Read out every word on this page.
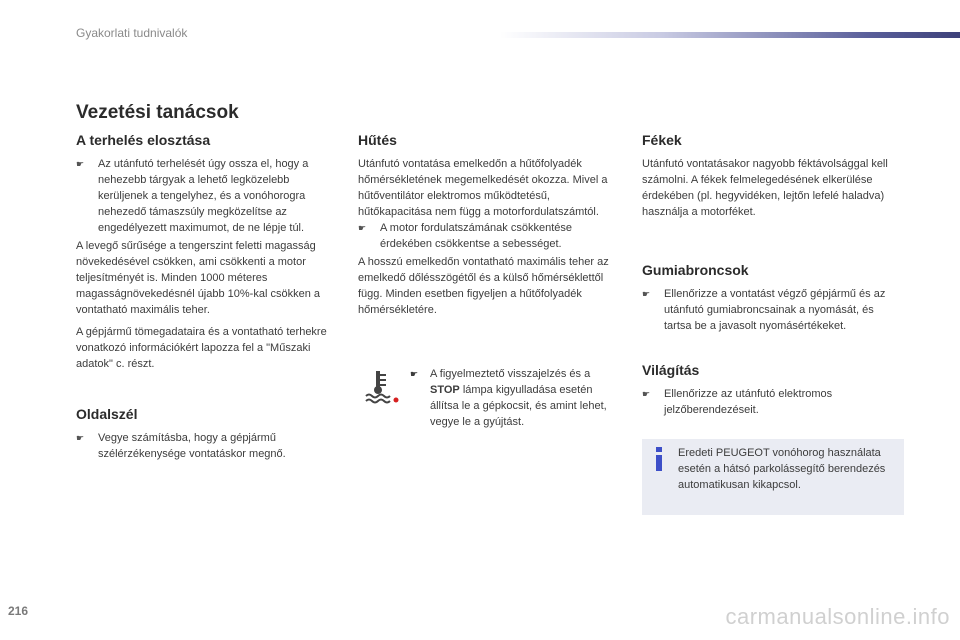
Gyakorlati tudnivalók
Vezetési tanácsok
A terhelés elosztása
☛	Az utánfutó terhelését úgy ossza el, hogy a nehezebb tárgyak a lehető legközelebb kerüljenek a tengelyhez, és a vonóhorogra nehezedő támaszsúly megközelítse az engedélyezett maximumot, de ne lépje túl.

A levegő sűrűsége a tengerszint feletti magasság növekedésével csökken, ami csökkenti a motor teljesítményét is. Minden 1000 méteres magasságnövekedésnél újabb 10%-kal csökken a vontatható maximális teher.

A gépjármű tömegadataira és a vontatható terhekre vonatkozó információkért lapozza fel a "Műszaki adatok" c. részt.

Oldalszél
☛	Vegye számításba, hogy a gépjármű szélérzékenysége vontatáskor megnő.
Hűtés

Utánfutó vontatása emelkedőn a hűtőfolyadék hőmérsékletének megemelkedését okozza. Mivel a hűtőventilátor elektromos működtetésű, hűtőkapacitása nem függ a motorfordulatszámtól.

☛	A motor fordulatszámának csökkentése érdekében csökkentse a sebességet.

A hosszú emelkedőn vontatható maximális teher az emelkedő dőlésszögétől és a külső hőmérséklettől függ. Minden esetben figyeljen a hűtőfolyadék hőmérsékletére.

☛	A figyelmeztető visszajelzés és a STOP lámpa kigyulladása esetén állítsa le a gépkocsit, és amint lehet, vegye le a gyújtást.
Fékek

Utánfutó vontatásakor nagyobb féktávolsággal kell számolni. A fékek felmelegedésének elkerülése érdekében (pl. hegyvidéken, lejtőn lefelé haladva) használja a motorféket.

Gumiabroncsok
☛	Ellenőrizze a vontatást végző gépjármű és az utánfutó gumiabroncsainak a nyomását, és tartsa be a javasolt nyomásértékeket.
Világítás
☛	Ellenőrizze az utánfutó elektromos jelzőberendezéseit.
Eredeti PEUGEOT vonóhorog használata esetén a hátsó parkolássegítő berendezés automatikusan kikapcsol.
216	carmanualsonline.info
